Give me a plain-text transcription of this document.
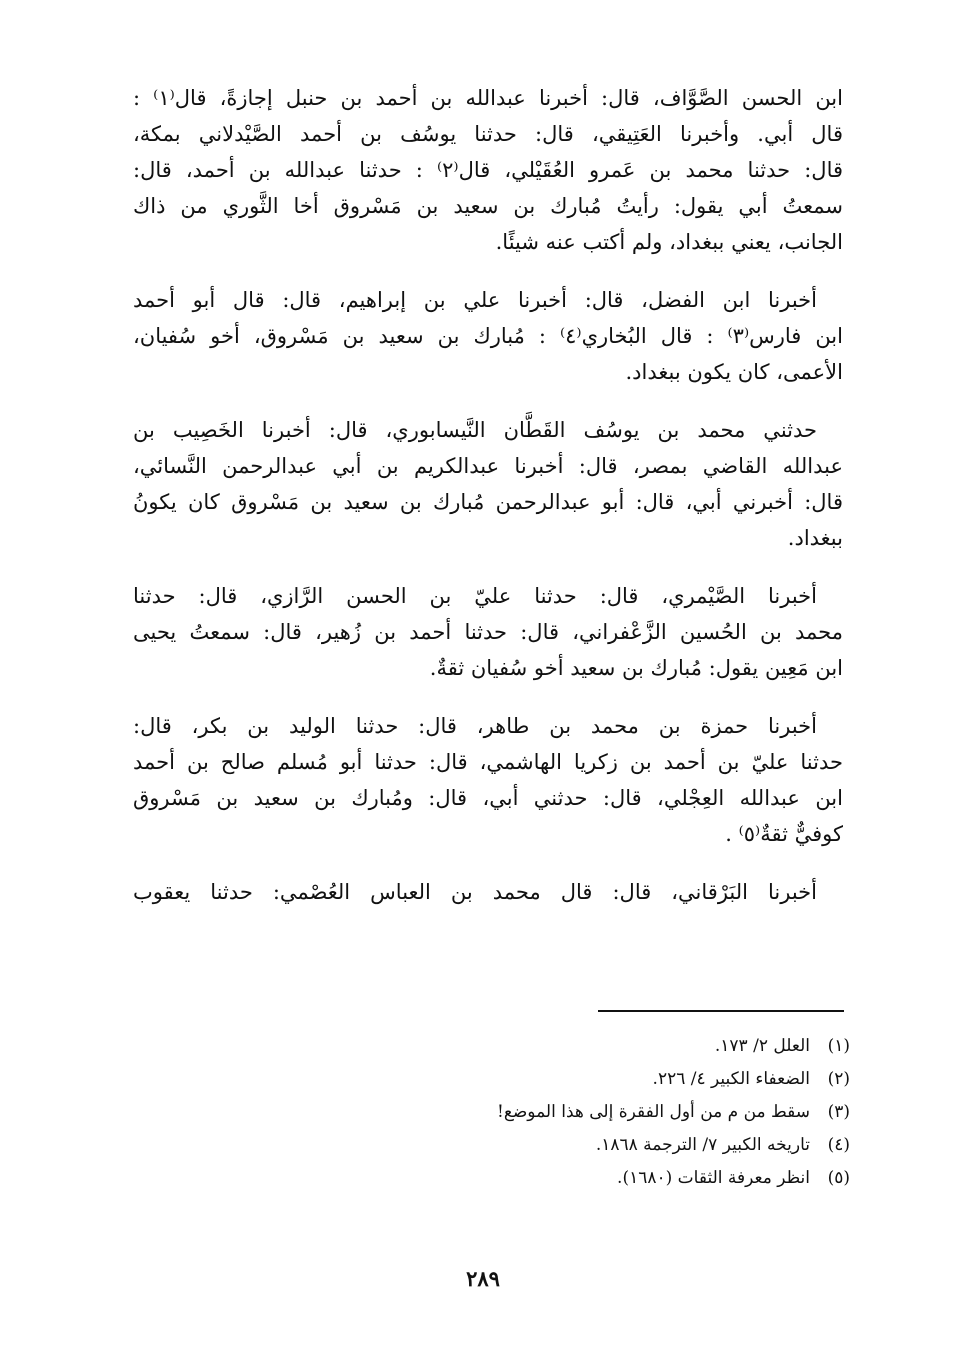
ابن الحسن الصَّوَّاف، قال: أخبرنا عبدالله بن أحمد بن حنبل إجازةً، قال⁽١⁾ :
قال أبي. وأخبرنا العَتِيقي، قال: حدثنا يوسُف بن أحمد الصَّيْدلاني بمكة،
قال: حدثنا محمد بن عَمرو العُقَيْلي، قال⁽٢⁾ : حدثنا عبدالله بن أحمد، قال:
سمعتُ أبي يقول: رأيتُ مُبارك بن سعيد بن مَسْروق أخا الثَّوري من ذاك
الجانب، يعني ببغداد، ولم أكتب عنه شيئًا.
أخبرنا ابن الفضل، قال: أخبرنا علي بن إبراهيم، قال: قال أبو أحمد
ابن فارس⁽٣⁾ : قال البُخاري⁽٤⁾ : مُبارك بن سعيد بن مَسْروق، أخو سُفيان،
الأعمى، كان يكون ببغداد.
حدثني محمد بن يوسُف القَطَّان النَّيسابوري، قال: أخبرنا الخَصِيب بن
عبدالله القاضي بمصر، قال: أخبرنا عبدالكريم بن أبي عبدالرحمن النَّسائي،
قال: أخبرني أبي، قال: أبو عبدالرحمن مُبارك بن سعيد بن مَسْروق كان يكونُ
ببغداد.
أخبرنا الصَّيْمري، قال: حدثنا عليّ بن الحسن الرَّازي، قال: حدثنا
محمد بن الحُسين الزَّعْفراني، قال: حدثنا أحمد بن زُهير، قال: سمعتُ يحيى
ابن مَعِين يقول: مُبارك بن سعيد أخو سُفيان ثقةٌ.
أخبرنا حمزة بن محمد بن طاهر، قال: حدثنا الوليد بن بكر، قال:
حدثنا عليّ بن أحمد بن زكريا الهاشمي، قال: حدثنا أبو مُسلم صالح بن أحمد
ابن عبدالله العِجْلي، قال: حدثني أبي، قال: ومُبارك بن سعيد بن مَسْروق
كوفيٌّ ثقةٌ⁽٥⁾ .
أخبرنا البَرْقاني، قال: قال محمد بن العباس العُصْمي: حدثنا يعقوب
(١)
العلل ٢/ ١٧٣.
(٢)
الضعفاء الكبير ٤/ ٢٢٦.
(٣)
سقط من م من أول الفقرة إلى هذا الموضع!
(٤)
تاريخه الكبير ٧/ الترجمة ١٨٦٨.
(٥)
انظر معرفة الثقات (١٦٨٠).
٢٨٩
